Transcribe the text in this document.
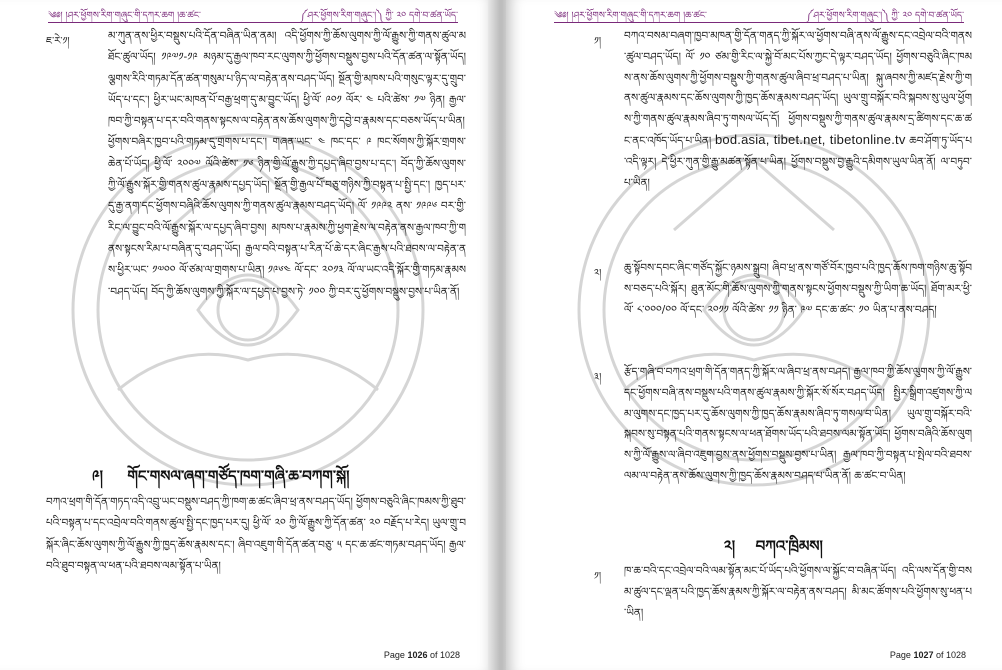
༄༅། །ཤར་ཕྱོགས་རིག་གཞུང་གི་དཀར་ཆག །ཆ་ཚང་	༼ཤར་ཕྱོགས་རིག་གཞུང་།༽ ཀྱི་ ༢༠ དགེ་བ་ཚན་ཡོད་
ཇ་རེ་༡།	མ་ཀུན་ནས་ཕྱིར་བསྡུས་པའི་དོན་བཞིན་ཡིན་ནམ། འདི་ཕྱོགས་ཀྱི་ཆོས་ལུགས་ཀྱི་ལོ་རྒྱུས་ཀྱི་གནས་ཚུལ་མཐོང་ཚུལ་ཡོད། ༡༩༧༡-༡༩ མཉམ་དུ་རྒྱལ་ཁབ་རང་ལུགས་ཀྱི་ཕྱོགས་བསྡུས་བྱས་པའི་དོན་ཚན་ལ་སྟོན་ཡོད། ལྕགས་རིའི་གཏམ་དོན་ཚན་གསུམ་པ་ཉིད་ལ་བརྟེན་ནས་བཤད་ཡོད། སྔོན་གྱི་མཁས་པའི་གསུང་ལྟར་དུ་གྲུབ་ཡོད་པ་དང་། ཕྱིར་ཡང་མཁན་པོ་བརྒྱ་ཕྲག་དུ་མ་བྱུང་ཡོད། ཕྱི་ལོ་ ༩༠༡ ལོར་ ༤ པའི་ཚེས་ ༡༧ ཉིན། རྒྱལ་ཁབ་ཀྱི་བསྟན་པ་དར་བའི་གནས་སྟངས་ལ་བརྟེན་ནས་ཆོས་ལུགས་ཀྱི་དབྱེ་བ་རྣམས་དང་བཅས་ཡོད་པ་ཡིན། ཕྱོགས་བཞིར་ཁྱབ་པའི་གཏམ་དུ་གྲགས་པ་དང་། གཞན་ཡང་ ༤ ཁང་དང་ ༩ ཁང་སོགས་ཀྱི་སྐོར་གྲགས་ཆེན་པོ་ཡོད། ཕྱི་ལོ་ ༢༠༠༧ ལོའི་ཚེས་ ༡༦ ཉིན་གྱི་ལོ་རྒྱུས་ཀྱི་དཔྱད་ཞིབ་བྱས་པ་དང་། བོད་ཀྱི་ཆོས་ལུགས་ཀྱི་ལོ་རྒྱུས་སྐོར་གྱི་གནས་ཚུལ་རྣམས་དཔྱད་ཡོད། སྔོན་གྱི་རྒྱལ་པོ་བཅུ་གཉིས་ཀྱི་བསྟན་པ་སྤྱི་དང་། ཁྱད་པར་དུ་རྒྱ་ནག་དང་ཕྱོགས་བཞིའི་ཆོས་ལུགས་ཀྱི་གནས་ཚུལ་རྣམས་བཤད་ཡོད། ལོ་ ༡༩༩༢ ནས་ ༡༩༩༦ བར་གྱི་རིང་ལ་བྱུང་བའི་ལོ་རྒྱུས་སྐོར་ལ་དཔྱད་ཞིབ་བྱས། མཁས་པ་རྣམས་ཀྱི་ཕྱག་རྗེས་ལ་བརྟེན་ནས་རྒྱལ་ཁབ་ཀྱི་གནས་སྟངས་རིམ་པ་བཞིན་དུ་བཤད་ཡོད། རྒྱལ་བའི་བསྟན་པ་རིན་པོ་ཆེ་དར་ཞིང་རྒྱས་པའི་ཐབས་ལ་བརྟེན་ནས་ཕྱིར་ཡང་ ༡༧༠༠ ལོ་ཙམ་ལ་གྲགས་པ་ཡིན། ༡༩༦༤ ལོ་དང་ ༢༠༡༣ ལོ་ལ་ཡང་འདི་སྐོར་གྱི་གཏམ་རྣམས་བཤད་ཡོད། བོད་ཀྱི་ཆོས་ལུགས་ཀྱི་སྐོར་ལ་དཔྱད་པ་བྱས་ཏེ་ ༡༠༠ ཀྱི་བར་དུ་ཕྱོགས་བསྡུས་བྱས་པ་ཡིན་ནོ།
༩། གོང་གསལ་ཞག་གཙོད་ཁག་གཞི་ཆ་བཀག་སྐོ།
བཀའ་ཕྲག་གི་དོན་གཏད་འདི་འབྲུ་ཡང་བསྡུས་བཤད་ཀྱི་ཁག་ཆ་ཚང་ཞིབ་ཕྲ་ནས་བཤད་ཡོད། ཕྱོགས་བཅུའི་ཞིང་ཁམས་ཀྱི་ཐུབ་པའི་བསྟན་པ་དང་འབྲེལ་བའི་གནས་ཚུལ་སྤྱི་དང་ཁྱད་པར་དུ། ཕྱི་ལོ་ ༢༠ ཀྱི་ལོ་རྒྱུས་ཀྱི་དོན་ཚན་ ༢༠ བརྗོད་པ་རེད། ཡུལ་གྲུ་བསྐོར་ཞིང་ཆོས་ལུགས་ཀྱི་ལོ་རྒྱུས་ཀྱི་ཁྱད་ཆོས་རྣམས་དང་། ཞིབ་འཇུག་གི་དོན་ཚན་བཅུ་ ༥ དང་ཆ་ཚང་གཏམ་བཤད་ཡོད། རྒྱལ་བའི་ཐུབ་བསྟན་ལ་ཕན་པའི་ཐབས་ལམ་སྟོན་པ་ཡིན།
Page 1026 of 1028
༄༅། །ཤར་ཕྱོགས་རིག་གཞུང་གི་དཀར་ཆག །ཆ་ཚང་	༼ཤར་ཕྱོགས་རིག་གཞུང་།༽ ཀྱི་ ༢༠ དགེ་བ་ཚན་ཡོད་
༡། བཀའ་བསམ་བཞག་ཁྱབ་མཁན་གྱི་དོན་གནད་ཀྱི་སྐོར་ལ་ཕྱོགས་བཞི་ནས་ལོ་རྒྱུས་དང་འབྲེལ་བའི་གནས་ཚུལ་བཤད་ཡོད། ལོ་ ༡༠ ཙམ་གྱི་རིང་ལ་སྐྱེ་བོ་མང་པོས་ཀྱང་དེ་ལྟར་བཤད་ཡོད། ཕྱོགས་བཅུའི་ཞིང་ཁམས་ནས་ཆོས་ལུགས་ཀྱི་ཕྱོགས་བསྡུས་ཀྱི་གནས་ཚུལ་ཞིབ་ཕྲ་བཤད་པ་ཡིན། སྐུ་ཞབས་ཀྱི་མཛད་རྗེས་ཀྱི་གནས་ཚུལ་རྣམས་དང་ཆོས་ལུགས་ཀྱི་ཁྱད་ཆོས་རྣམས་བཤད་ཡོད། ཡུལ་གྲུ་བསྐོར་བའི་སྐབས་སུ་ཡུལ་ཕྱོགས་ཀྱི་གནས་ཚུལ་རྣམས་ཞིབ་ཏུ་གསལ་ཡོད་དོ། ཕྱོགས་བསྡུས་ཀྱི་གནས་ཚུལ་རྣམས་དྲ་ཚིགས་དང་ཆ་ཚང་ནང་འཁོད་ཡོད་པ་ཡིན། bod.asia, tibet.net, tibetonline.tv ཆབ་ཤོག་ཏུ་ཡོད་པ་འདི་ལྟར། དེ་ཕྱིར་ཀུན་གྱི་རྒྱུ་མཚན་སྟོན་པ་ཡིན། ཕྱོགས་བསྡུས་བྱ་རྒྱུའི་དམིགས་ཡུལ་ཡིན་ནོ། ལ་བཏུབ་པ་ཡིན།
༢། ཆུ་སྟོབས་དབང་ཞིང་གཙོད་སྐྱོང་ཉམས་སྒྲུབ། ཞིབ་ཕྲ་ནས་གཙོ་བོར་ཁྱབ་པའི་ཁྱད་ཆོས་ཁག་གཉིས་ཆུ་སྟོབས་བཅད་པའི་སྐོར། ཐུན་མོང་གི་ཆོས་ལུགས་ཀྱི་གནས་སྟངས་ཕྱོགས་བསྡུས་ཀྱི་ཡིག་ཆ་ཡོད། ཐོག་མར་ཕྱི་ལོ་ ༨་༠༠༠/༠༠ ལོ་དང་ ༢༠༡༡ ལོའི་ཚེས་ ༡༡ ཉིན་ ༩༧ དང་ཆ་ཚང་ ༡༠ ཡིན་པ་ནས་བཤད།
༣། རྩོད་གཞི་བ་བཀའ་ཕྲག་གི་དོན་གནད་ཀྱི་སྐོར་ལ་ཞིབ་ཕྲ་ནས་བཤད། རྒྱལ་ཁབ་ཀྱི་ཆོས་ལུགས་ཀྱི་ལོ་རྒྱུས་དང་ཕྱོགས་བཞི་ནས་བསྡུས་པའི་གནས་ཚུལ་རྣམས་ཀྱི་སྐོར་སོ་སོར་བཤད་ཡོད། སྤྱིར་སྒྲིག་འཛུགས་ཀྱི་ལམ་ལུགས་དང་ཁྱད་པར་དུ་ཆོས་ལུགས་ཀྱི་ཁྱད་ཆོས་རྣམས་ཞིབ་ཏུ་གསལ་བ་ཡིན། ཡུལ་གྲུ་བསྐོར་བའི་སྐབས་སུ་བསྟན་པའི་གནས་སྟངས་ལ་ཕན་ཐོགས་ཡོད་པའི་ཐབས་ལམ་སྟོན་ཡོད། ཕྱོགས་བཞིའི་ཆོས་ལུགས་ཀྱི་ལོ་རྒྱུས་ལ་ཞིབ་འཇུག་བྱས་ནས་ཕྱོགས་བསྡུས་བྱས་པ་ཡིན། རྒྱལ་ཁབ་ཀྱི་བསྟན་པ་སྤེལ་བའི་ཐབས་ལམ་ལ་བརྟེན་ནས་ཆོས་ལུགས་ཀྱི་ཁྱད་ཆོས་རྣམས་བཤད་པ་ཡིན་ནོ། ཆ་ཚང་བ་ཡིན།
༢། བཀའ་ཁྲིམས།
༡། ཁ་ཆ་བའི་དང་འབྲེལ་བའི་ལམ་སྟོན་མང་པོ་ཡོད་པའི་ཕྱོགས་ལ་སྐྱོང་བ་བཞིན་ཡོད། འདི་ལས་དོན་གྱི་བསམ་ཚུལ་དང་ལྡན་པའི་ཁྱད་ཆོས་རྣམས་ཀྱི་སྐོར་ལ་བརྟེན་ནས་བཤད། མི་མང་ཚོགས་པའི་ཕྱོགས་སུ་ཕན་པ་ཡིན།
Page 1027 of 1028
